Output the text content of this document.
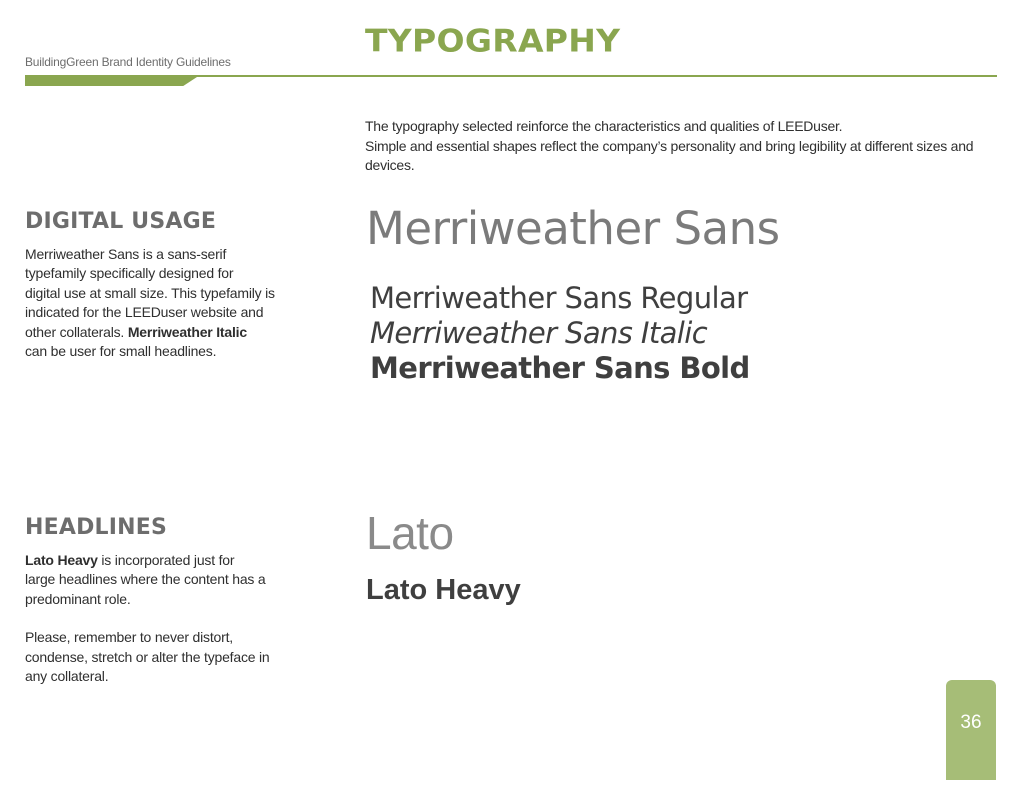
BuildingGreen Brand Identity Guidelines
TYPOGRAPHY
The typography selected reinforce the characteristics and qualities of LEEDuser.
Simple and essential shapes reflect the company’s personality and bring legibility at different sizes and
devices.
DIGITAL USAGE
Merriweather Sans is a sans-serif
typefamily specifically designed for
digital use at small size. This typefamily is
indicated for the LEEDuser website and
other collaterals. Merriweather Italic
can be user for small headlines.
Merriweather Sans
Merriweather Sans Regular
Merriweather Sans Italic
Merriweather Sans Bold
HEADLINES
Lato Heavy is incorporated just for
large headlines where the content has a
predominant role.
Please, remember to never distort,
condense, stretch or alter the typeface in
any collateral.
Lato
Lato Heavy
36
